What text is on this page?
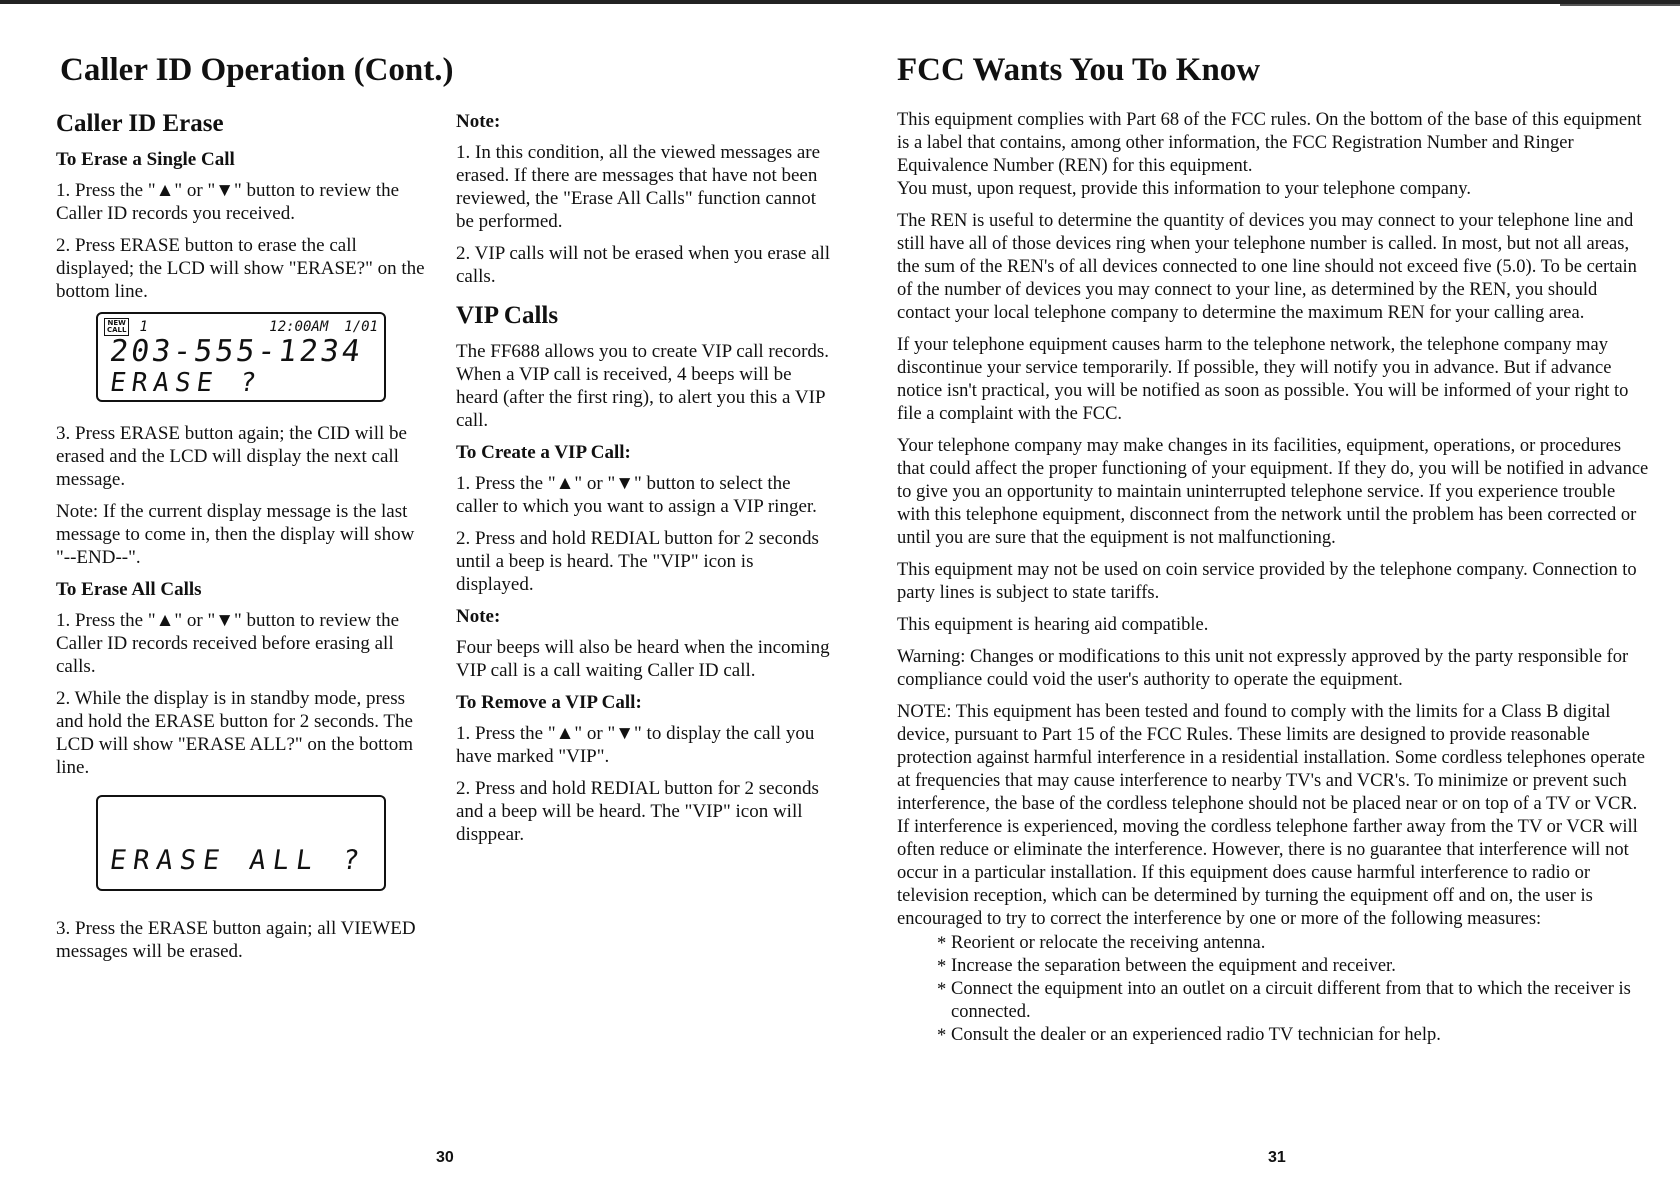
Caller ID Operation (Cont.)	FCC Wants You To Know
Caller ID Erase
To Erase a Single Call

1. Press the "▲" or "▼" button to review the Caller ID records you received.

2. Press ERASE button to erase the call displayed; the LCD will show "ERASE?" on the bottom line.

NEW
CALL 1	12:00AM 1/01
203-555-1234
ERASE ?

3. Press ERASE button again; the CID will be erased and the LCD will display the next call message.

Note: If the current display message is the last message to come in, then the display will show "--END--".

To Erase All Calls

1. Press the "▲" or "▼" button to review the Caller ID records received before erasing all calls.

2. While the display is in standby mode, press and hold the ERASE button for 2 seconds. The LCD will show "ERASE ALL?" on the bottom line.

ERASE ALL ?

3. Press the ERASE button again; all VIEWED messages will be erased.

Note:

1. In this condition, all the viewed messages are erased. If there are messages that have not been reviewed, the "Erase All Calls" function cannot be performed.

2. VIP calls will not be erased when you erase all calls.

VIP Calls

The FF688 allows you to create VIP call records. When a VIP call is received, 4 beeps will be heard (after the first ring), to alert you this a VIP call.

To Create a VIP Call:

1. Press the "▲" or "▼" button to select the caller to which you want to assign a VIP ringer.

2. Press and hold REDIAL button for 2 seconds until a beep is heard. The "VIP" icon is displayed.

Note:

Four beeps will also be heard when the incoming VIP call is a call waiting Caller ID call.

To Remove a VIP Call:

1. Press the "▲" or "▼" to display the call you have marked "VIP".

2. Press and hold REDIAL button for 2 seconds and a beep will be heard. The "VIP" icon will disppear.

This equipment complies with Part 68 of the FCC rules. On the bottom of the base of this equipment is a label that contains, among other information, the FCC Registration Number and Ringer Equivalence Number (REN) for this equipment.

You must, upon request, provide this information to your telephone company.

The REN is useful to determine the quantity of devices you may connect to your telephone line and still have all of those devices ring when your telephone number is called. In most, but not all areas, the sum of the REN's of all devices connected to one line should not exceed five (5.0). To be certain of the number of devices you may connect to your line, as determined by the REN, you should contact your local telephone company to determine the maximum REN for your calling area.

If your telephone equipment causes harm to the telephone network, the telephone company may discontinue your service temporarily. If possible, they will notify you in advance. But if advance notice isn't practical, you will be notified as soon as possible. You will be informed of your right to file a complaint with the FCC.

Your telephone company may make changes in its facilities, equipment, operations, or procedures that could affect the proper functioning of your equipment. If they do, you will be notified in advance to give you an opportunity to maintain uninterrupted telephone service. If you experience trouble with this telephone equipment, disconnect from the network until the problem has been corrected or until you are sure that the equipment is not malfunctioning.

This equipment may not be used on coin service provided by the telephone company. Connection to party lines is subject to state tariffs.

This equipment is hearing aid compatible.

Warning: Changes or modifications to this unit not expressly approved by the party responsible for compliance could void the user's authority to operate the equipment.

NOTE: This equipment has been tested and found to comply with the limits for a Class B digital device, pursuant to Part 15 of the FCC Rules. These limits are designed to provide reasonable protection against harmful interference in a residential installation. Some cordless telephones operate at frequencies that may cause interference to nearby TV's and VCR's. To minimize or prevent such interference, the base of the cordless telephone should not be placed near or on top of a TV or VCR. If interference is experienced, moving the cordless telephone farther away from the TV or VCR will often reduce or eliminate the interference. However, there is no guarantee that interference will not occur in a particular installation. If this equipment does cause harmful interference to radio or television reception, which can be determined by turning the equipment off and on, the user is encouraged to try to correct the interference by one or more of the following measures:

* Reorient or relocate the receiving antenna.
* Increase the separation between the equipment and receiver.
* Connect the equipment into an outlet on a circuit different from that to which the receiver is connected.
* Consult the dealer or an experienced radio TV technician for help.
30	31
